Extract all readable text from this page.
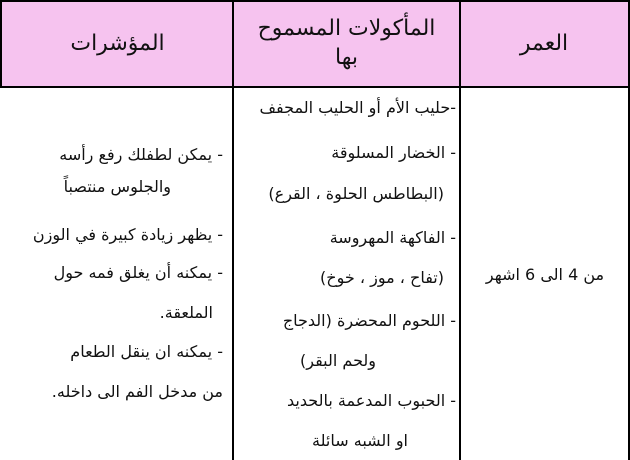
المؤشرات
المأكولات المسموح
بها
العمر
- يمكن لطفلك رفع رأسه
والجلوس منتصباً
- يظهر زيادة كبيرة في الوزن
- يمكنه أن يغلق فمه حول
الملعقة.
- يمكنه ان ينقل الطعام
من مدخل الفم الى داخله.
-حليب الأم أو الحليب المجفف
- الخضار المسلوقة
(البطاطس الحلوة ، القرع)
- الفاكهة المهروسة
(تفاح ، موز ، خوخ)
- اللحوم المحضرة (الدجاج
ولحم البقر)
- الحبوب المدعمة بالحديد
او الشبه سائلة
من 4 الى 6 اشهر
